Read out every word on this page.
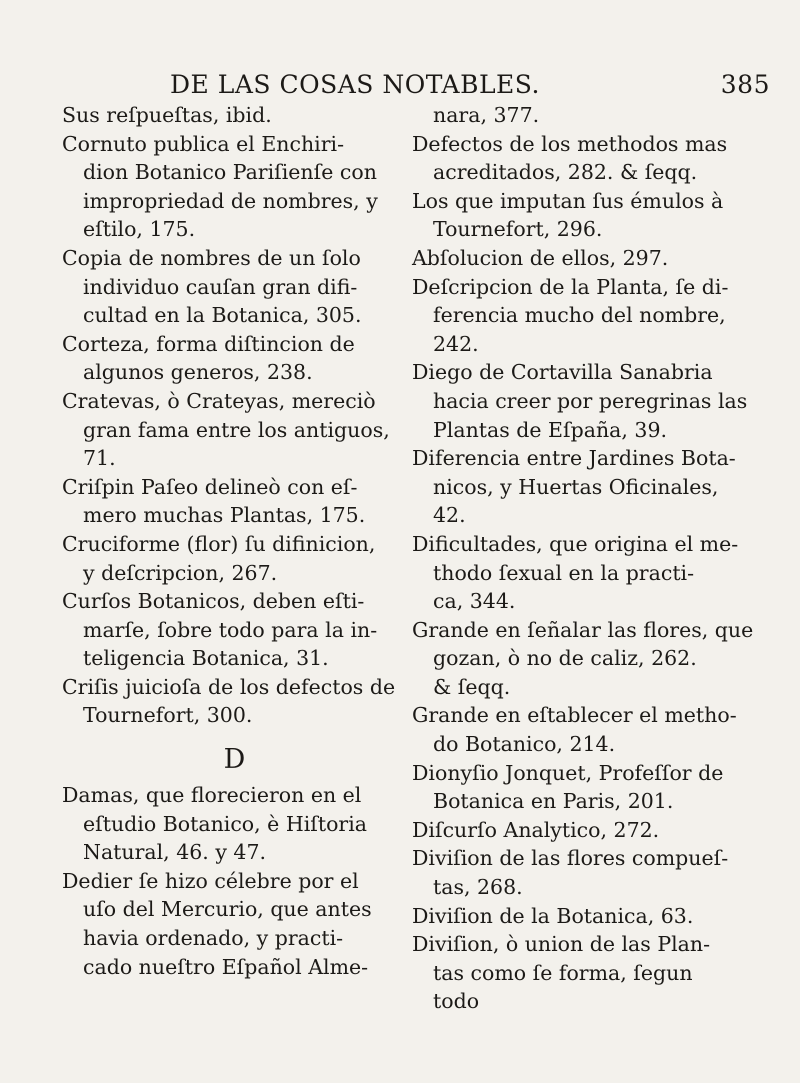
DE LAS COSAS NOTABLES.	385
Sus reſpueſtas, ibid.
Cornuto publica el Enchiri-
dion Botanico Pariſienſe con
impropriedad de nombres, y
eſtilo, 175.
Copia de nombres de un ſolo
individuo cauſan gran difi-
cultad en la Botanica, 305.
Corteza, forma diſtincion de
algunos generos, 238.
Cratevas, ò Crateyas, mereciò
gran fama entre los antiguos,
71.
Criſpin Paſeo delineò con eſ-
mero muchas Plantas, 175.
Cruciforme (flor) ſu difinicion,
y deſcripcion, 267.
Curſos Botanicos, deben eſti-
marſe, ſobre todo para la in-
teligencia Botanica, 31.
Criſis juicioſa de los defectos de
Tournefort, 300.
D
Damas, que florecieron en el
eſtudio Botanico, è Hiſtoria
Natural, 46. y 47.
Dedier ſe hizo célebre por el
uſo del Mercurio, que antes
havia ordenado, y practi-
cado nueſtro Eſpañol Alme-
nara, 377.
Defectos de los methodos mas
acreditados, 282. & ſeqq.
Los que imputan ſus émulos à
Tournefort, 296.
Abſolucion de ellos, 297.
Deſcripcion de la Planta, ſe di-
ferencia mucho del nombre,
242.
Diego de Cortavilla Sanabria
hacia creer por peregrinas las
Plantas de Eſpaña, 39.
Diferencia entre Jardines Bota-
nicos, y Huertas Oficinales,
42.
Dificultades, que origina el me-
thodo ſexual en la practi-
ca, 344.
Grande en ſeñalar las flores, que
gozan, ò no de caliz, 262.
& ſeqq.
Grande en eſtablecer el metho-
do Botanico, 214.
Dionyſio Jonquet, Profeſſor de
Botanica en Paris, 201.
Diſcurſo Analytico, 272.
Diviſion de las flores compueſ-
tas, 268.
Diviſion de la Botanica, 63.
Diviſion, ò union de las Plan-
tas como ſe forma, ſegun
todo
